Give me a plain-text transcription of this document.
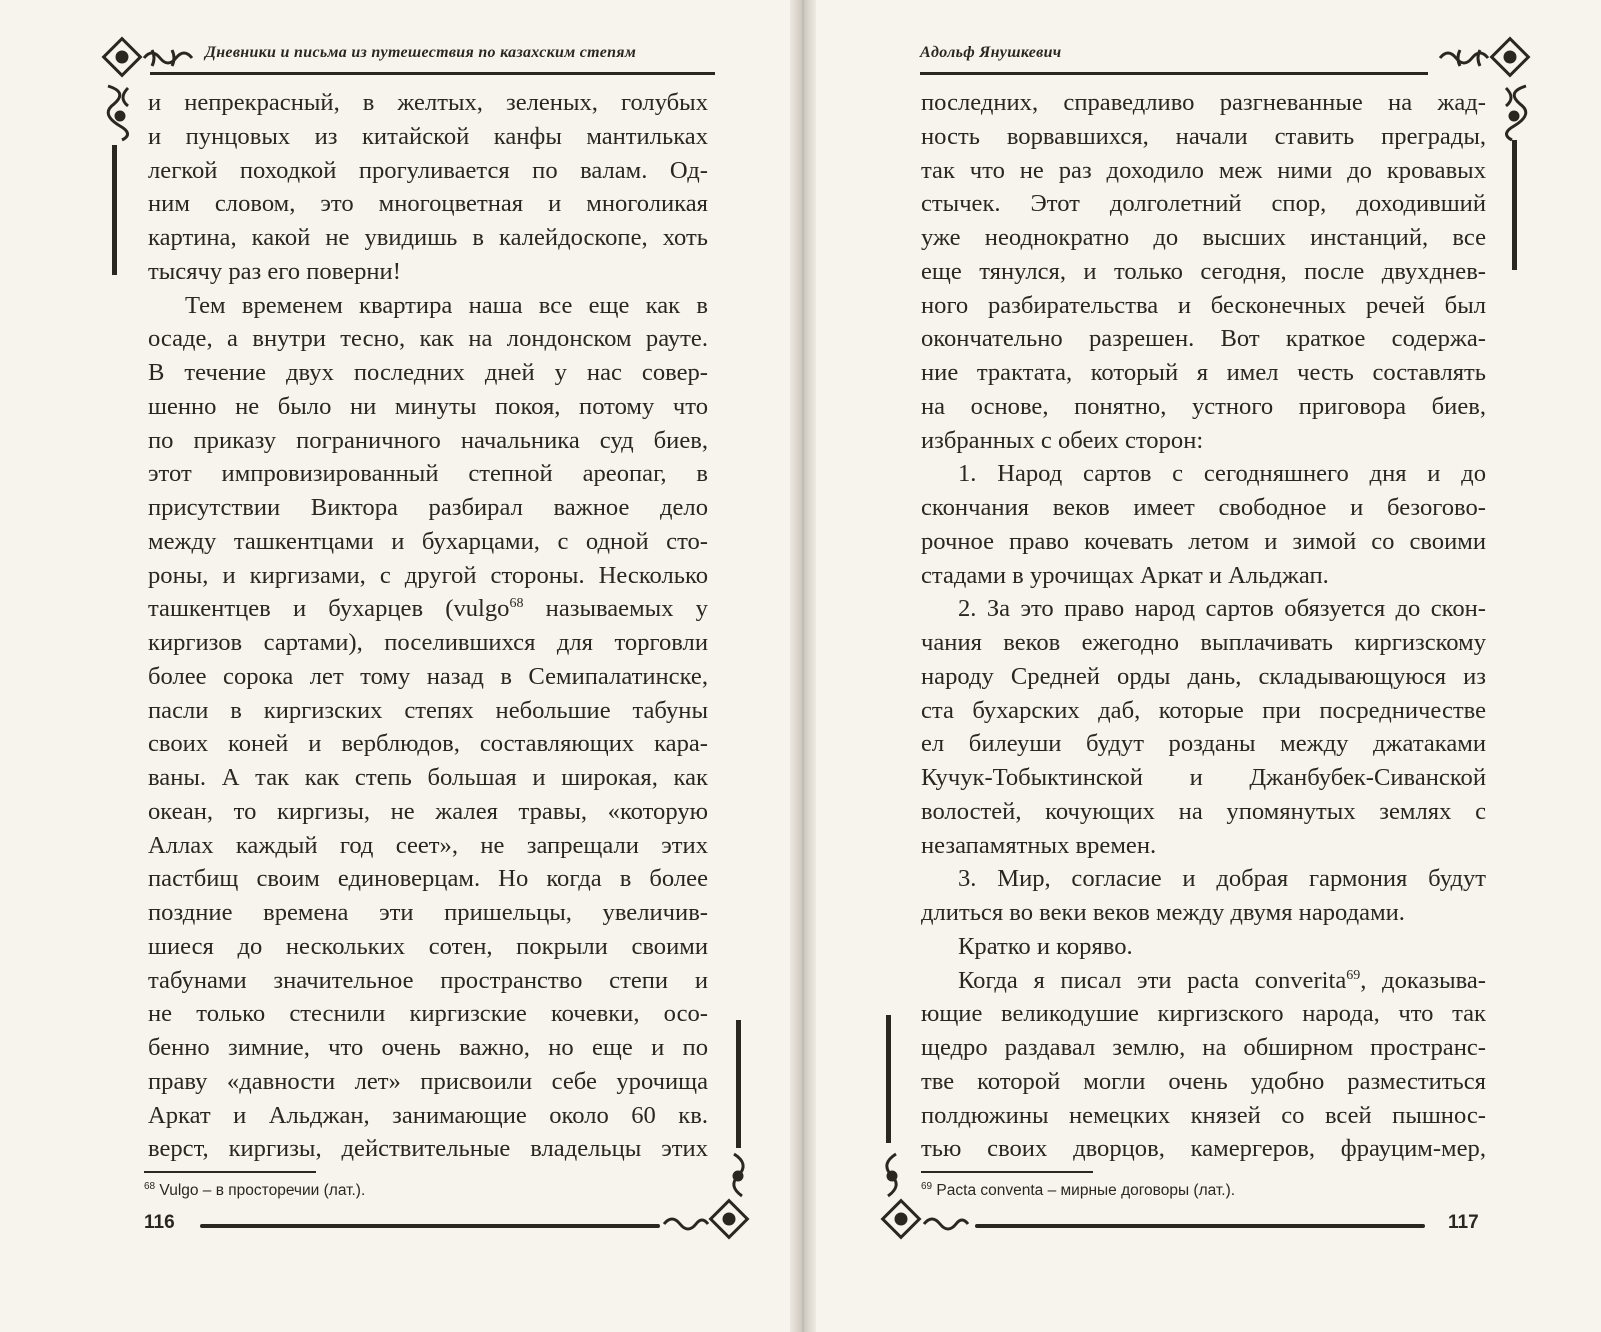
Дневники и письма из путешествия по казахским степям

и непрекрасный, в желтых, зеленых, голубых

и пунцовых из китайской канфы мантильках

легкой походкой прогуливается по валам. Од-

ним словом, это многоцветная и многоликая

картина, какой не увидишь в калейдоскопе, хоть

тысячу раз его поверни!

Тем временем квартира наша все еще как в

осаде, а внутри тесно, как на лондонском рауте.

В течение двух последних дней у нас совер-

шенно не было ни минуты покоя, потому что

по приказу пограничного начальника суд биев,

этот импровизированный степной ареопаг, в

присутствии Виктора разбирал важное дело

между ташкентцами и бухарцами, с одной сто-

роны, и киргизами, с другой стороны. Несколько

ташкентцев и бухарцев (vulgo$^{68}$ называемых у

киргизов сартами), поселившихся для торговли

более сорока лет тому назад в Семипалатинске,

пасли в киргизских степях небольшие табуны

своих коней и верблюдов, составляющих кара-

ваны. А так как степь большая и широкая, как

океан, то киргизы, не жалея травы, «которую

Аллах каждый год сеет», не запрещали этих

пастбищ своим единоверцам. Но когда в более

поздние времена эти пришельцы, увеличив-

шиеся до нескольких сотен, покрыли своими

табунами значительное пространство степи и

не только стеснили киргизские кочевки, осо-

бенно зимние, что очень важно, но еще и по

праву «давности лет» присвоили себе урочища

Аркат и Альджан, занимающие около 60 кв.

верст, киргизы, действительные владельцы этих

$^{68}$ Vulgo – в просторечии (лат.).
116
Адольф Янушкевич

последних, справедливо разгневанные на жад-

ность ворвавшихся, начали ставить преграды,

так что не раз доходило меж ними до кровавых

стычек. Этот долголетний спор, доходивший

уже неоднократно до высших инстанций, все

еще тянулся, и только сегодня, после двухднев-

ного разбирательства и бесконечных речей был

окончательно разрешен. Вот краткое содержа-

ние трактата, который я имел честь составлять

на основе, понятно, устного приговора биев,

избранных с обеих сторон:

1. Народ сартов с сегодняшнего дня и до

скончания веков имеет свободное и безогово-

рочное право кочевать летом и зимой со своими

стадами в урочищах Аркат и Альджап.

2. За это право народ сартов обязуется до скон-

чания веков ежегодно выплачивать киргизскому

народу Средней орды дань, складывающуюся из

ста бухарских даб, которые при посредничестве

ел билеуши будут розданы между джатаками

Кучук-Тобыктинской и Джанбубек-Сиванской

волостей, кочующих на упомянутых землях с

незапамятных времен.

3. Мир, согласие и добрая гармония будут

длиться во веки веков между двумя народами.

Кратко и коряво.

Когда я писал эти pacta converita$^{69}$, доказыва-

ющие великодушие киргизского народа, что так

щедро раздавал землю, на обширном пространс-

тве которой могли очень удобно разместиться

полдюжины немецких князей со всей пышнос-

тью своих дворцов, камергеров, фрауцим-мер,

$^{69}$ Pacta conventa – мирные договоры (лат.).
117
